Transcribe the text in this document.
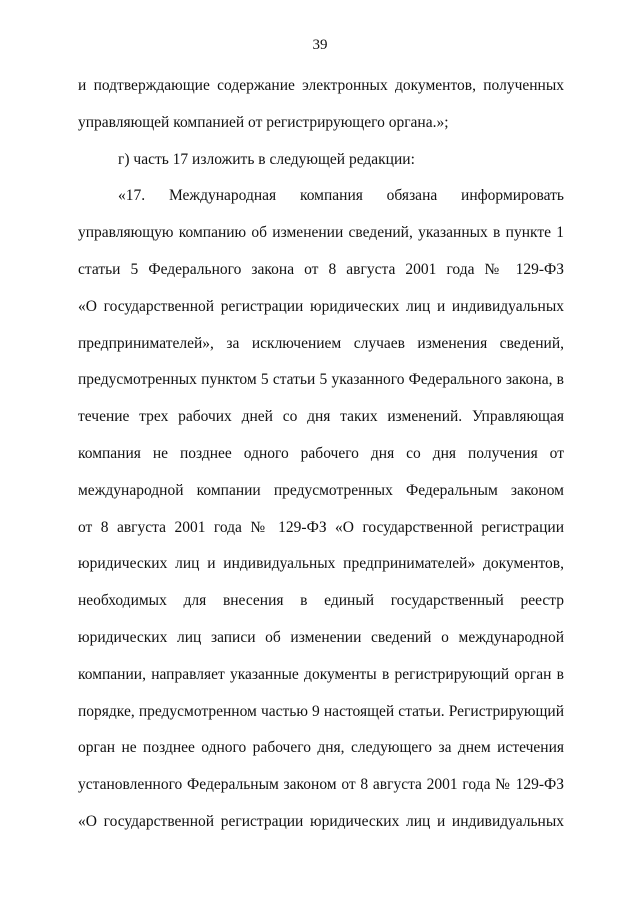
39
и подтверждающие содержание электронных документов, полученных
управляющей компанией от регистрирующего органа.»;
г) часть 17 изложить в следующей редакции:
«17. Международная компания обязана информировать
управляющую компанию об изменении сведений, указанных в пункте 1
статьи 5 Федерального закона от 8 августа 2001 года № 129-ФЗ
«О государственной регистрации юридических лиц и индивидуальных
предпринимателей», за исключением случаев изменения сведений,
предусмотренных пунктом 5 статьи 5 указанного Федерального закона, в
течение трех рабочих дней со дня таких изменений. Управляющая
компания не позднее одного рабочего дня со дня получения от
международной компании предусмотренных Федеральным законом
от 8 августа 2001 года № 129-ФЗ «О государственной регистрации
юридических лиц и индивидуальных предпринимателей» документов,
необходимых для внесения в единый государственный реестр
юридических лиц записи об изменении сведений о международной
компании, направляет указанные документы в регистрирующий орган в
порядке, предусмотренном частью 9 настоящей статьи. Регистрирующий
орган не позднее одного рабочего дня, следующего за днем истечения
установленного Федеральным законом от 8 августа 2001 года № 129-ФЗ
«О государственной регистрации юридических лиц и индивидуальных
